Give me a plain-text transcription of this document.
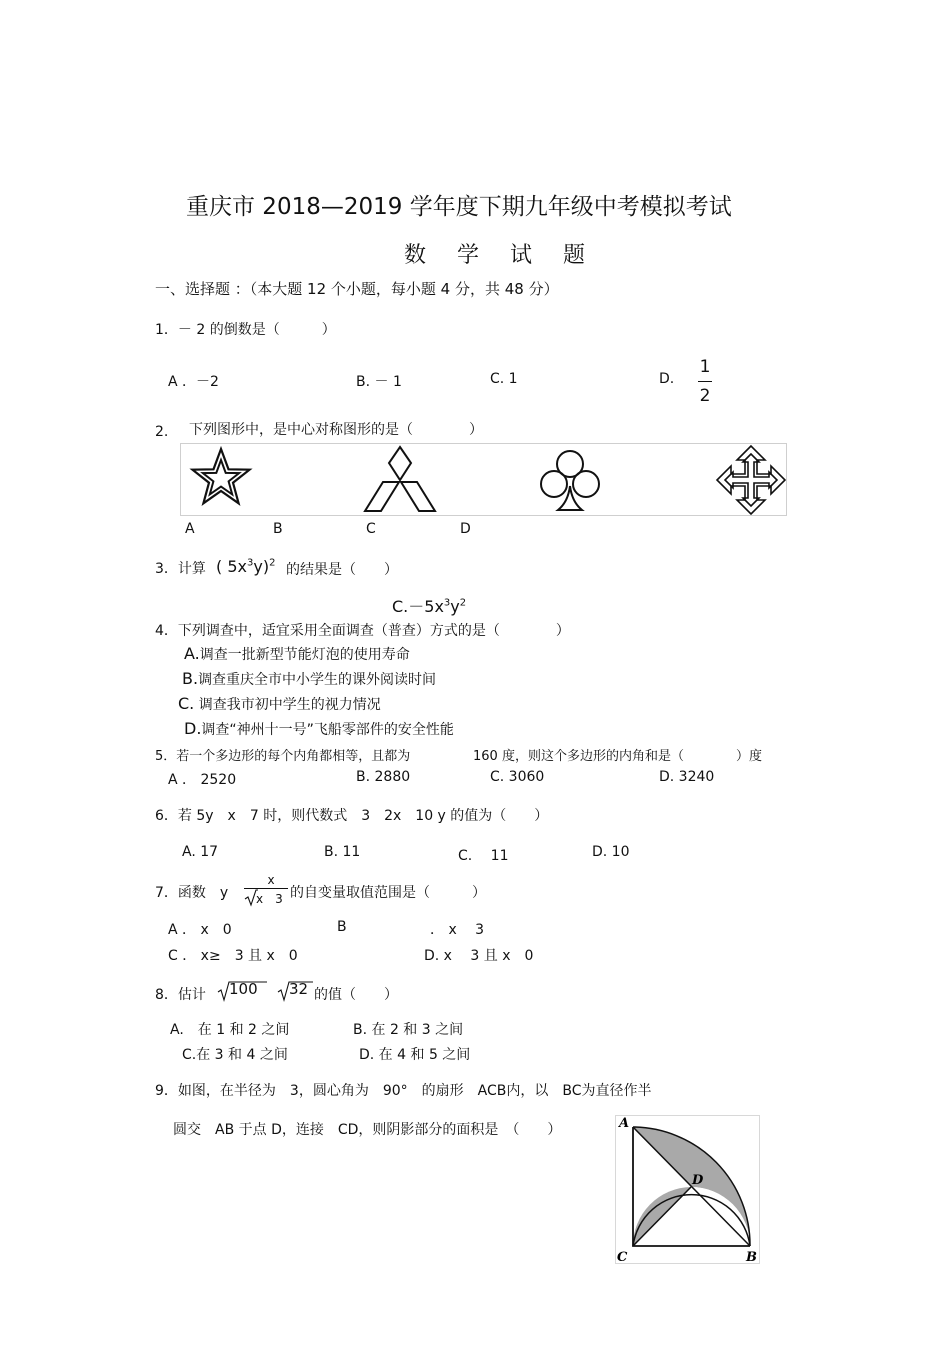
重庆市 2018—2019 学年度下期九年级中考模拟考试
数 学 试 题
一、选择题 ：（本大题 12 个小题，每小题 4 分，共 48 分）
1．－ 2 的倒数是（　　　）
A ．－2	B. － 1	C. 1	D. $\frac{1}{2}$
2. 下列图形中，是中心对称图形的是（　　　　）
A	B	C	D
3．计算 ( $5x^3y)^2$ 的结果是（　　）
$C.-5x^3y^2$
4．下列调查中，适宜采用全面调查（普查）方式的是（　　　　）
A.调查一批新型节能灯泡的使用寿命
B.调查重庆全市中小学生的课外阅读时间
C. 调查我市初中学生的视力情况
D.调查“神州十一号”飞船零部件的安全性能
5．若一个多边形的每个内角都相等，且都为	160 度，则这个多边形的内角和是（　　　　）度
A ． 2520	B. 2880	C. 3060	D. 3240
6．若 5y　x　7 时，则代数式　3　2x　10 y 的值为（　　）
A. 17	B. 11	C.　 11	D. 10
7．函数　y
x
x　3 的自变量取值范围是（　　　）
A ． x　0	B	． x　 3
C ． x≥　3 且 x　0	D. x　 3 且 x　0
8．估计	100	32 的值（　　）
A.　在 1 和 2 之间	B. 在 2 和 3 之间
C.在 3 和 4 之间	D. 在 4 和 5 之间
9．如图，在半径为　3，圆心角为　90°　的扇形　ACB内，以　BC为直径作半
圆交　AB 于点 D，连接　CD，则阴影部分的面积是　（　　）	A
C	B
D
